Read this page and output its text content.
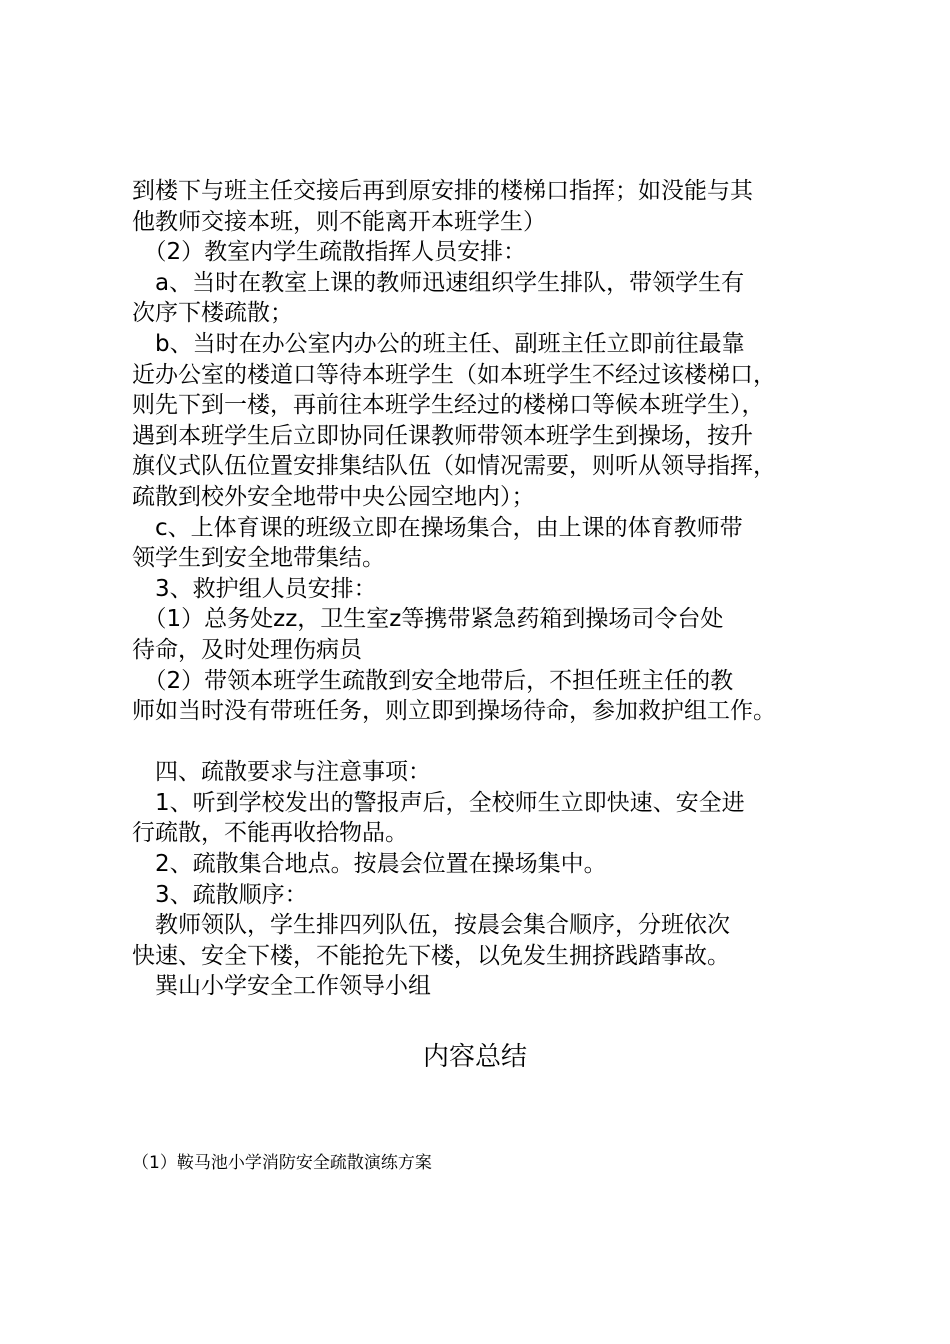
到楼下与班主任交接后再到原安排的楼梯口指挥；如没能与其

他教师交接本班，则不能离开本班学生）

　（2）教室内学生疏散指挥人员安排：

　a、当时在教室上课的教师迅速组织学生排队，带领学生有

次序下楼疏散；

　b、当时在办公室内办公的班主任、副班主任立即前往最靠

近办公室的楼道口等待本班学生（如本班学生不经过该楼梯口，

则先下到一楼，再前往本班学生经过的楼梯口等候本班学生），

遇到本班学生后立即协同任课教师带领本班学生到操场，按升

旗仪式队伍位置安排集结队伍（如情况需要，则听从领导指挥，

疏散到校外安全地带中央公园空地内）；

　c、上体育课的班级立即在操场集合，由上课的体育教师带

领学生到安全地带集结。

　3、救护组人员安排：

　（1）总务处zz，卫生室z等携带紧急药箱到操场司令台处

待命，及时处理伤病员

　（2）带领本班学生疏散到安全地带后，不担任班主任的教

师如当时没有带班任务，则立即到操场待命，参加救护组工作。

　四、疏散要求与注意事项：

　1、听到学校发出的警报声后，全校师生立即快速、安全进

行疏散，不能再收拾物品。

　2、疏散集合地点。按晨会位置在操场集中。

　3、疏散顺序：

　教师领队，学生排四列队伍，按晨会集合顺序，分班依次

快速、安全下楼，不能抢先下楼，以免发生拥挤践踏事故。

　巽山小学安全工作领导小组

内容总结
（1）鞍马池小学消防安全疏散演练方案
